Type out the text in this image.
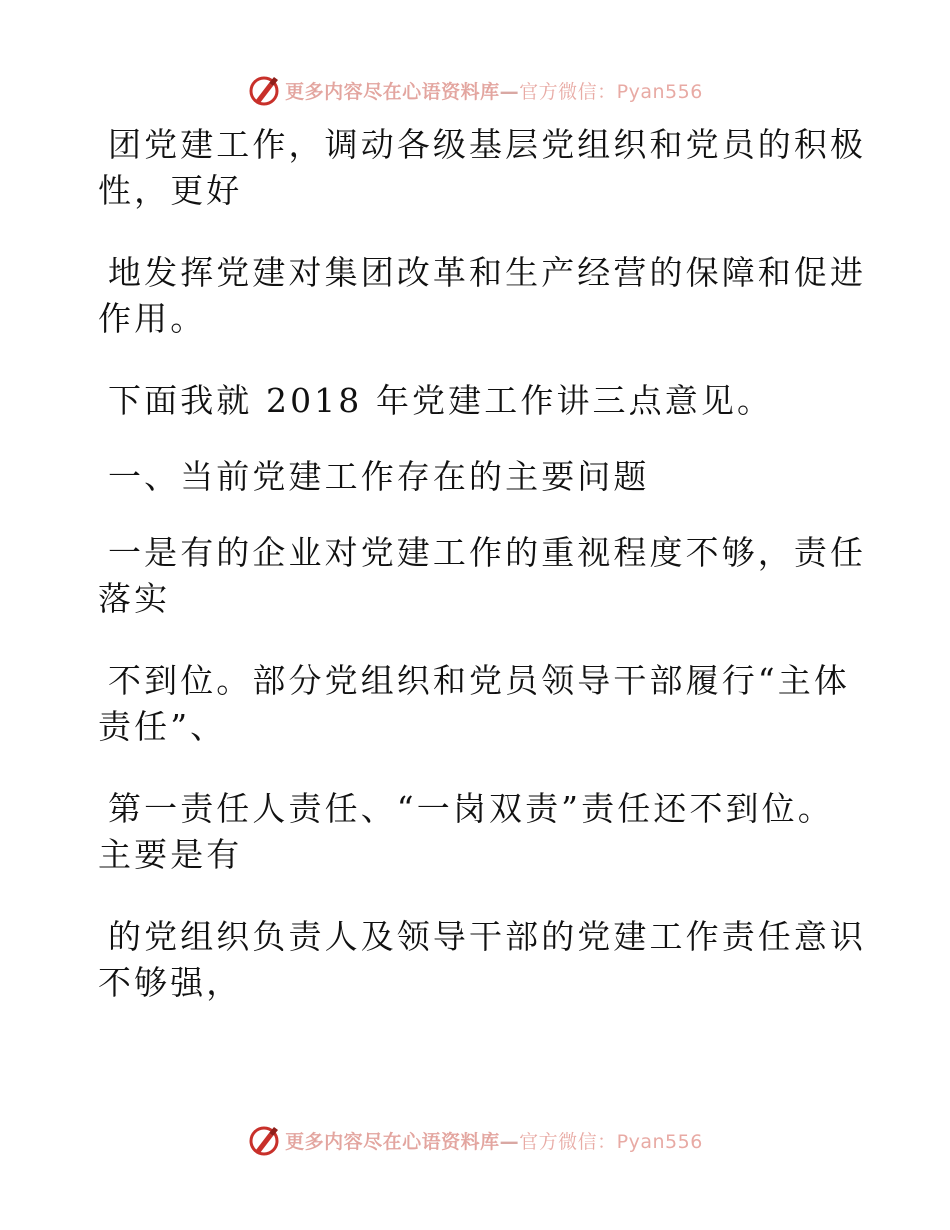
更多内容尽在心语资料库—官方微信：Pyan556

团党建工作，调动各级基层党组织和党员的积极
性，更好

地发挥党建对集团改革和生产经营的保障和促进
作用。

下面我就 2018 年党建工作讲三点意见。

一、当前党建工作存在的主要问题

一是有的企业对党建工作的重视程度不够，责任
落实

不到位。部分党组织和党员领导干部履行“主体
责任”、

第一责任人责任、“一岗双责”责任还不到位。
主要是有

的党组织负责人及领导干部的党建工作责任意识
不够强，

更多内容尽在心语资料库—官方微信：Pyan556
